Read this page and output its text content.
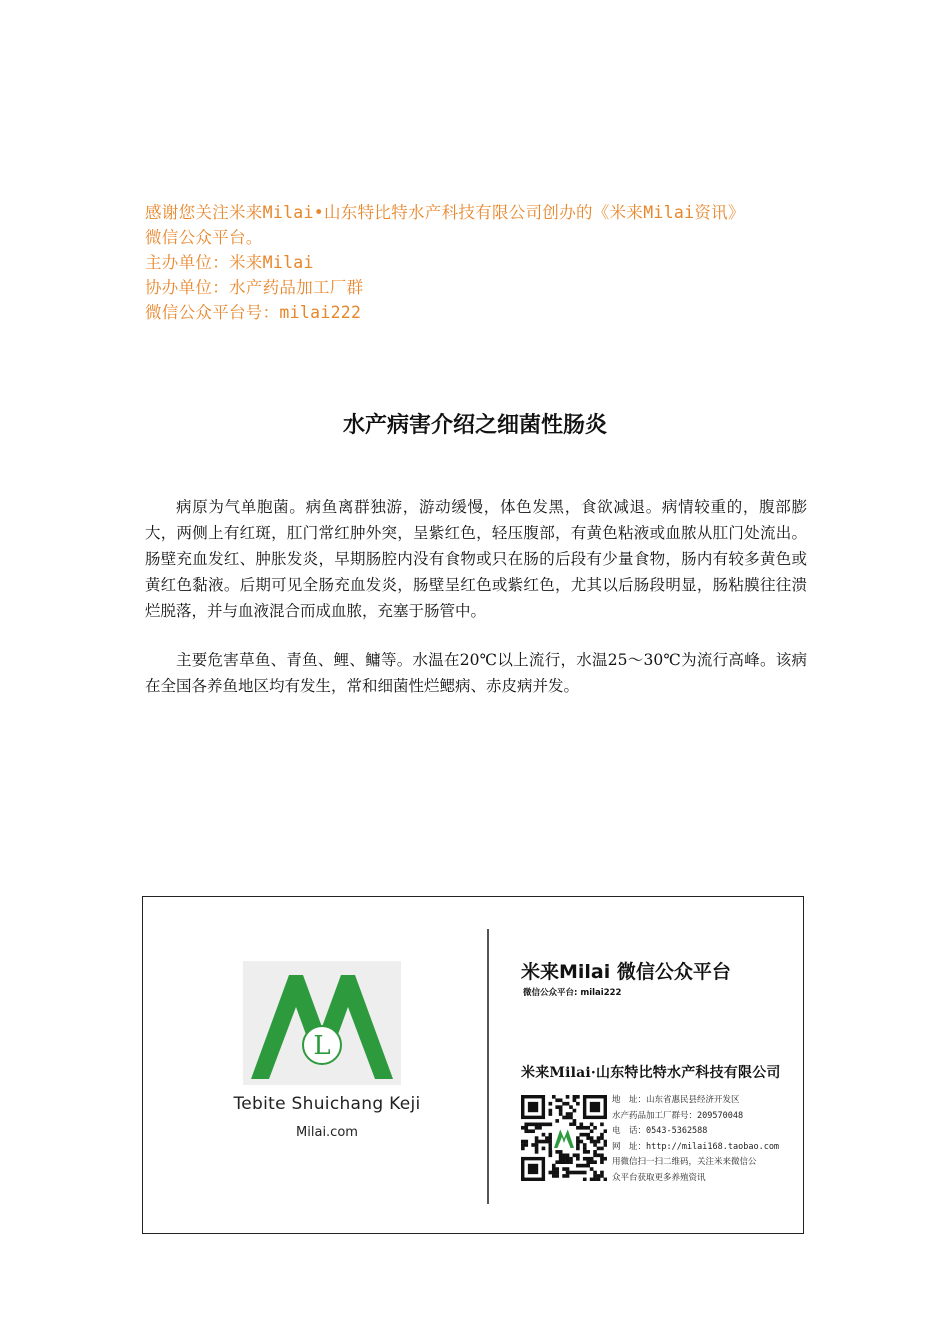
感谢您关注米来Milai•山东特比特水产科技有限公司创办的《米来Milai资讯》
微信公众平台。
主办单位：米来Milai
协办单位：水产药品加工厂群
微信公众平台号：milai222
水产病害介绍之细菌性肠炎
病原为气单胞菌。病鱼离群独游，游动缓慢，体色发黑，食欲减退。病情较重的，腹部膨大，两侧上有红斑，肛门常红肿外突，呈紫红色，轻压腹部，有黄色粘液或血脓从肛门处流出。肠壁充血发红、肿胀发炎，早期肠腔内没有食物或只在肠的后段有少量食物，肠内有较多黄色或黄红色黏液。后期可见全肠充血发炎，肠壁呈红色或紫红色，尤其以后肠段明显，肠粘膜往往溃烂脱落，并与血液混合而成血脓，充塞于肠管中。
主要危害草鱼、青鱼、鲤、鳙等。水温在20℃以上流行，水温25～30℃为流行高峰。该病在全国各养鱼地区均有发生，常和细菌性烂鳃病、赤皮病并发。
L
Tebite Shuichang Keji
Milai.com
米来Milai 微信公众平台
微信公众平台: milai222
米来Milai·山东特比特水产科技有限公司
地　址：山东省惠民县经济开发区
水产药品加工厂群号：209570048
电　话：0543-5362588
网　址：http://milai168.taobao.com
用微信扫一扫二维码，关注米来微信公
众平台获取更多养殖资讯
